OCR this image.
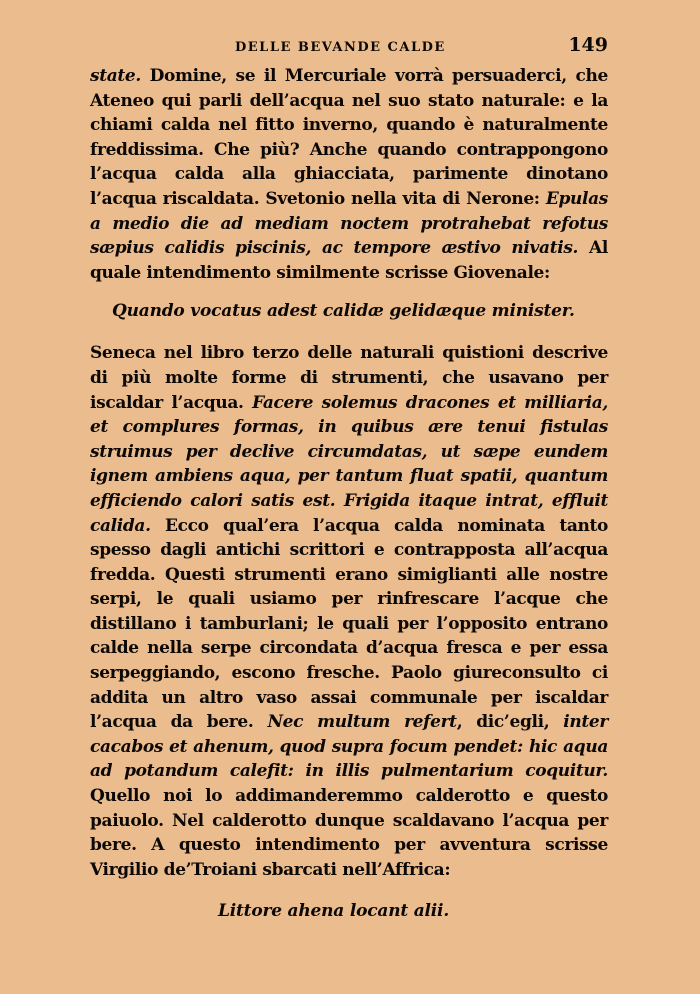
DELLE BEVANDE CALDE	149

state. Domine, se il Mercuriale vorrà persuaderci, che Ateneo qui parli dell’acqua nel suo stato naturale: e la chiami calda nel fitto inverno, quando è naturalmente freddissima. Che più? Anche quando contrappongono l’acqua calda alla ghiacciata, parimente dinotano l’acqua riscaldata. Svetonio nella vita di Nerone: Epulas a medio die ad mediam noctem protrahebat refotus sæpius calidis piscinis, ac tempore æstivo nivatis. Al quale intendimento similmente scrisse Giovenale:

Quando vocatus adest calidæ gelidæque minister.

Seneca nel libro terzo delle naturali quistioni descrive di più molte forme di strumenti, che usavano per iscaldar l’acqua. Facere solemus dracones et milliaria, et complures formas, in quibus ære tenui fistulas struimus per declive circumdatas, ut sæpe eundem ignem ambiens aqua, per tantum fluat spatii, quantum efficiendo calori satis est. Frigida itaque intrat, effluit calida. Ecco qual’era l’acqua calda nominata tanto spesso dagli antichi scrittori e contrapposta all’acqua fredda. Questi strumenti erano simiglianti alle nostre serpi, le quali usiamo per rinfrescare l’acque che distillano i tamburlani; le quali per l’opposito entrano calde nella serpe circondata d’acqua fresca e per essa serpeggiando, escono fresche. Paolo giureconsulto ci addita un altro vaso assai communale per iscaldar l’acqua da bere. Nec multum refert, dic’egli, inter cacabos et ahenum, quod supra focum pendet: hic aqua ad potandum calefit: in illis pulmentarium coquitur. Quello noi lo addimanderemmo calderotto e questo paiuolo. Nel calderotto dunque scaldavano l’acqua per bere. A questo intendimento per avventura scrisse Virgilio de’Troiani sbarcati nell’Affrica:

Littore ahena locant alii.
